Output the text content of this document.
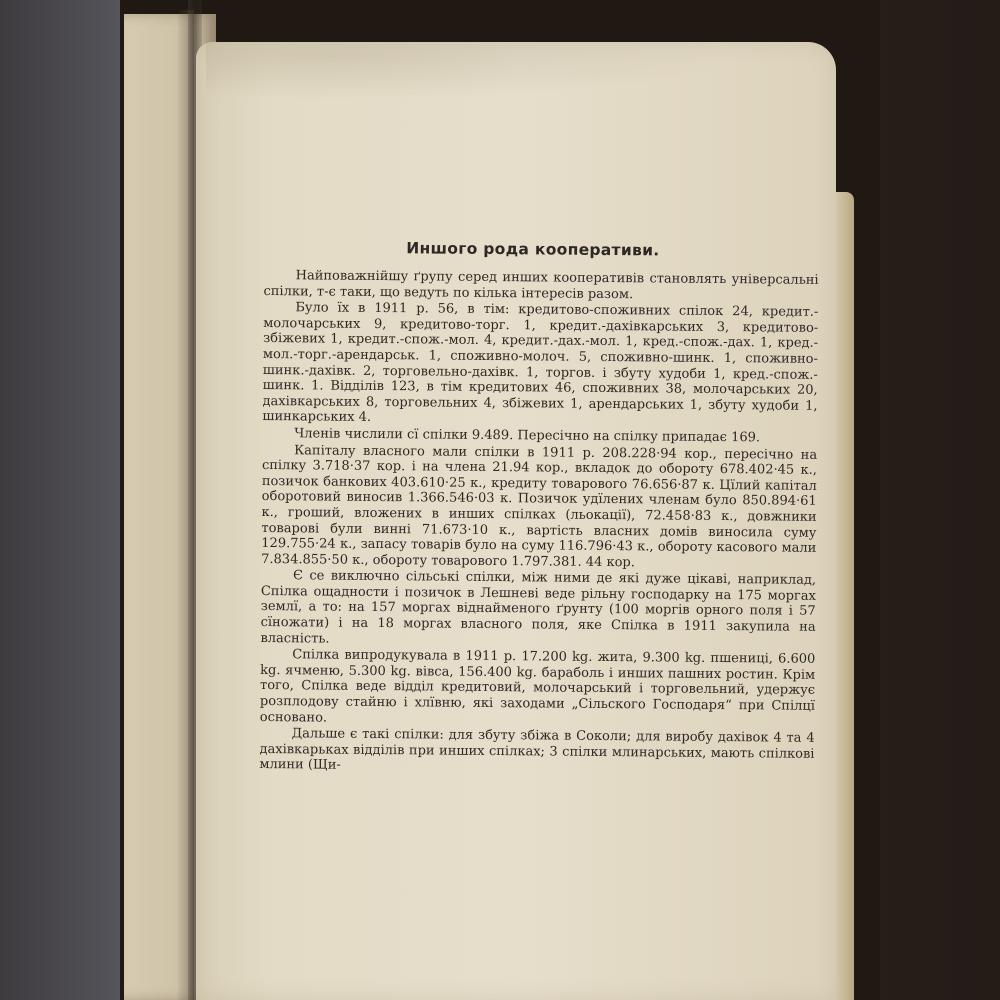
Иншого рода кооперативи.

Найповажнійшу ґрупу серед инших кооперативів становлять універсальні спілки, т-є таки, що ведуть по кілька інтересів разом.

Було їх в 1911 р. 56, в тім: кредитово-споживних спілок 24, кредит.-молочарських 9, кредитово-торг. 1, кредит.-дахівкарських 3, кредитово-збіжевих 1, кредит.-спож.-мол. 4, кредит.-дах.-мол. 1, кред.-спож.-дах. 1, кред.-мол.-торг.-арендарськ. 1, споживно-молоч. 5, споживно-шинк. 1, споживно-шинк.-дахівк. 2, торговельно-дахівк. 1, торгов. і збуту худоби 1, кред.-спож.-шинк. 1. Відділів 123, в тім кредитових 46, споживних 38, молочарських 20, дахівкарських 8, торговельних 4, збіжевих 1, арендарських 1, збуту худоби 1, шинкарських 4.

Членів числили сї спілки 9.489. Пересічно на спілку припадає 169.

Капіталу власного мали спілки в 1911 р. 208.228·94 кор., пересічно на спілку 3.718·37 кор. і на члена 21.94 кор., вкладок до обороту 678.402·45 к., позичок банкових 403.610·25 к., кредиту товарового 76.656·87 к. Цїлий капітал оборотовий виносив 1.366.546·03 к. Позичок удїлених членам було 850.894·61 к., гроший, вложених в инших спілках (льокації), 72.458·83 к., довжники товарові були винні 71.673·10 к., вартість власних домів виносила суму 129.755·24 к., запасу товарів було на суму 116.796·43 к., обороту касового мали 7.834.855·50 к., обороту товарового 1.797.381. 44 кор.

Є се виключно сільські спілки, між ними де які дуже цікаві, наприклад, Спілка ощадности і позичок в Лешневі веде рільну господарку на 175 моргах землї, а то: на 157 моргах віднайменого ґрунту (100 моргів орного поля і 57 сїножати) і на 18 моргах власного поля, яке Спілка в 1911 закупила на власність.

Спілка випродукувала в 1911 р. 17.200 kg. жита, 9.300 kg. пшениці, 6.600 kg. ячменю, 5.300 kg. вівса, 156.400 kg. бараболь і инших пашних ростин. Крім того, Спілка веде відділ кредитовий, молочарський і торговельний, удержує розплодову стайню і хлївню, які заходами „Сільского Господаря“ при Спілцї основано.

Дальше є такі спілки: для збуту збіжа в Соколи; для виробу дахівок 4 та 4 дахівкарьках відділів при инших спілках; 3 спілки млинарських, мають спілкові млини (Щи-
